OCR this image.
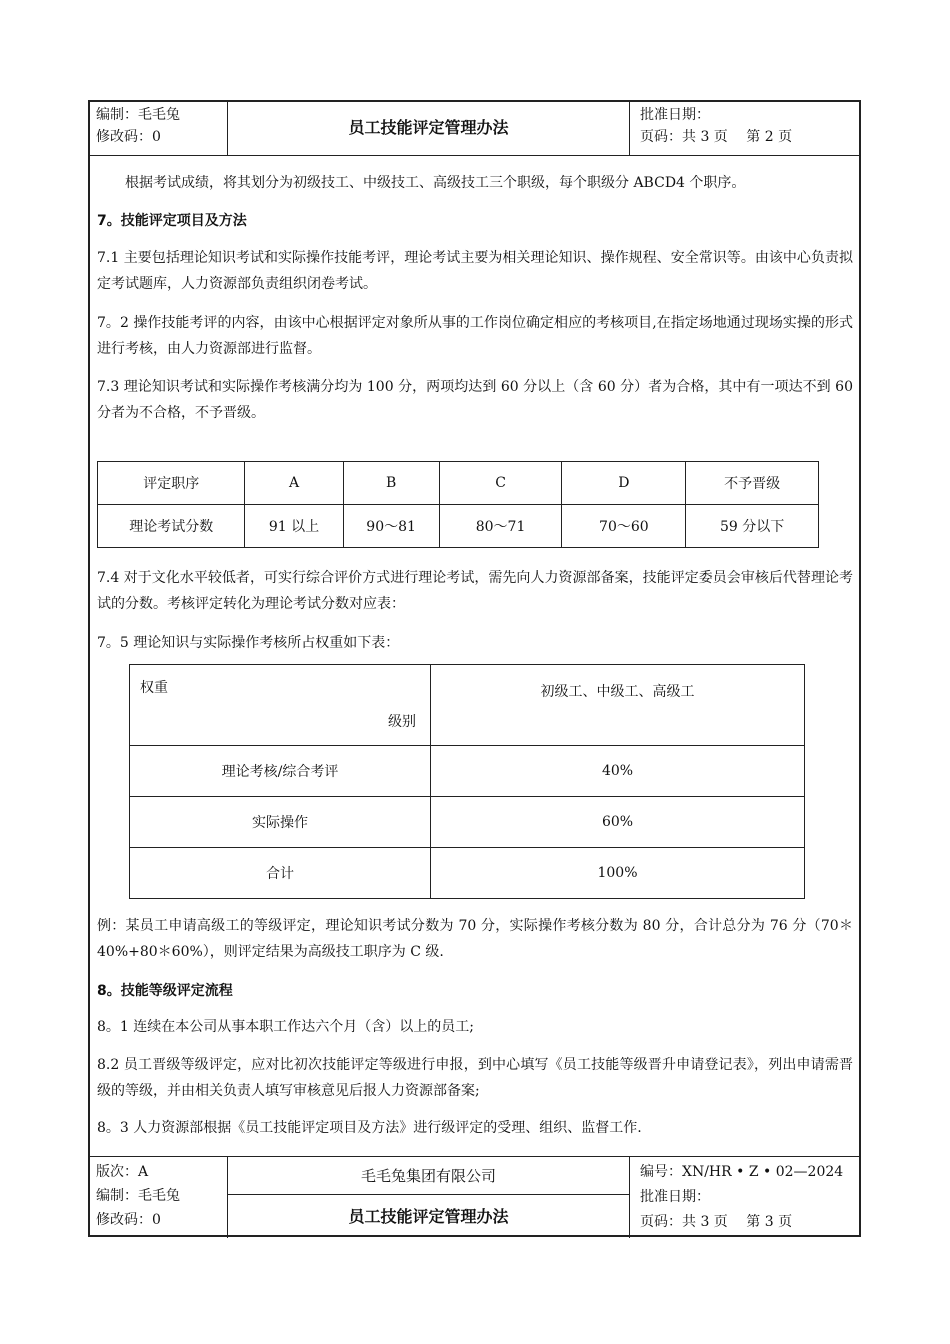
编制：毛毛兔
修改码：0	员工技能评定管理办法
批准日期：
页码：共 3 页　 第 2 页
根据考试成绩，将其划分为初级技工、中级技工、高级技工三个职级，每个职级分 ABCD4 个职序。
7。技能评定项目及方法
7.1 主要包括理论知识考试和实际操作技能考评，理论考试主要为相关理论知识、操作规程、安全常识等。由该中心负责拟定考试题库，人力资源部负责组织闭卷考试。
7。2 操作技能考评的内容，由该中心根据评定对象所从事的工作岗位确定相应的考核项目,在指定场地通过现场实操的形式进行考核，由人力资源部进行监督。
7.3 理论知识考试和实际操作考核满分均为 100 分，两项均达到 60 分以上（含 60 分）者为合格，其中有一项达不到 60 分者为不合格，不予晋级。
评定职序	A	B	C	D	不予晋级
理论考试分数	91 以上	90～81	80～71	70～60	59 分以下
7.4 对于文化水平较低者，可实行综合评价方式进行理论考试，需先向人力资源部备案，技能评定委员会审核后代替理论考试的分数。考核评定转化为理论考试分数对应表：
7。5 理论知识与实际操作考核所占权重如下表：
权重
级别	初级工、中级工、高级工
理论考核/综合考评	40%
实际操作	60%
合计	100%
例：某员工申请高级工的等级评定，理论知识考试分数为 70 分，实际操作考核分数为 80 分，合计总分为 76 分（70＊40%+80＊60%），则评定结果为高级技工职序为 C 级.
8。技能等级评定流程
8。1 连续在本公司从事本职工作达六个月（含）以上的员工;
8.2 员工晋级等级评定，应对比初次技能评定等级进行申报，到中心填写《员工技能等级晋升申请登记表》，列出申请需晋级的等级，并由相关负责人填写审核意见后报人力资源部备案;
8。3 人力资源部根据《员工技能评定项目及方法》进行级评定的受理、组织、监督工作.
版次：A
编制：毛毛兔
修改码：0
毛毛兔集团有限公司
员工技能评定管理办法
编号：XN/HR • Z • 02—2024
批准日期：
页码：共 3 页　 第 3 页
